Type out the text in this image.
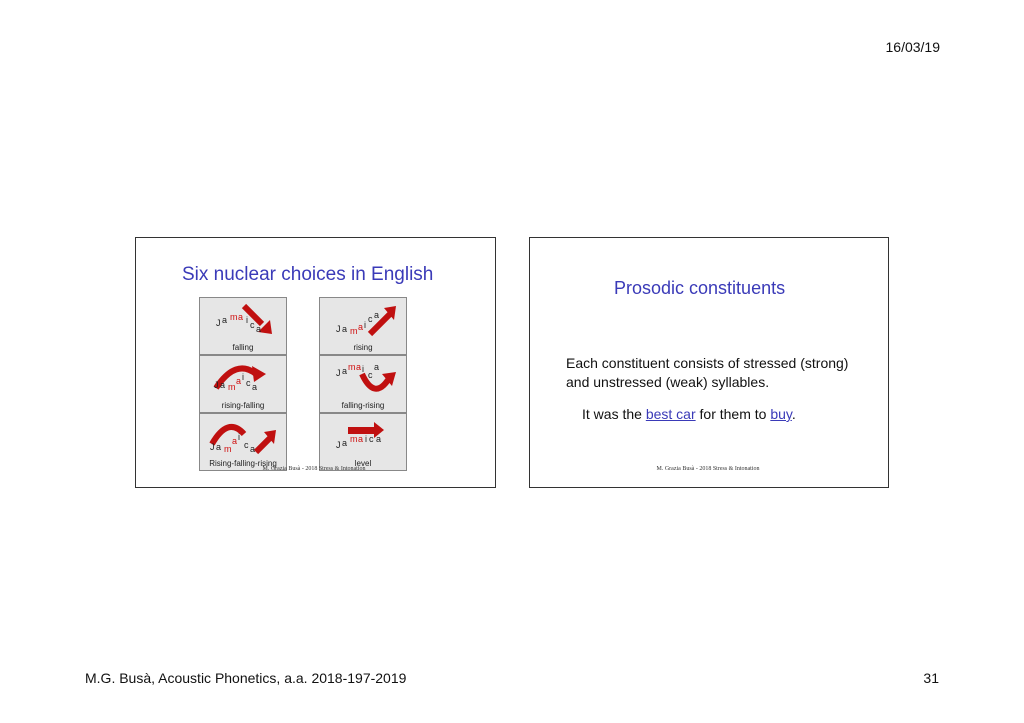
16/03/19
Six nuclear choices in English
J a m a i c a
falling
J a m a i
c a
rising
J a m
a i
c a
rising-falling
J a m a i
c
a
falling-rising
J a m
a i
c a
Rising-falling-rising
J a m a i c a
level
M. Grazia Busà - 2018 Stress & Intonation
Prosodic constituents
Each constituent consists of stressed (strong) and unstressed (weak) syllables.
It was the best car for them to buy.
M. Grazia Busà - 2018 Stress & Intonation
M.G. Busà, Acoustic Phonetics, a.a. 2018-197-2019	31
